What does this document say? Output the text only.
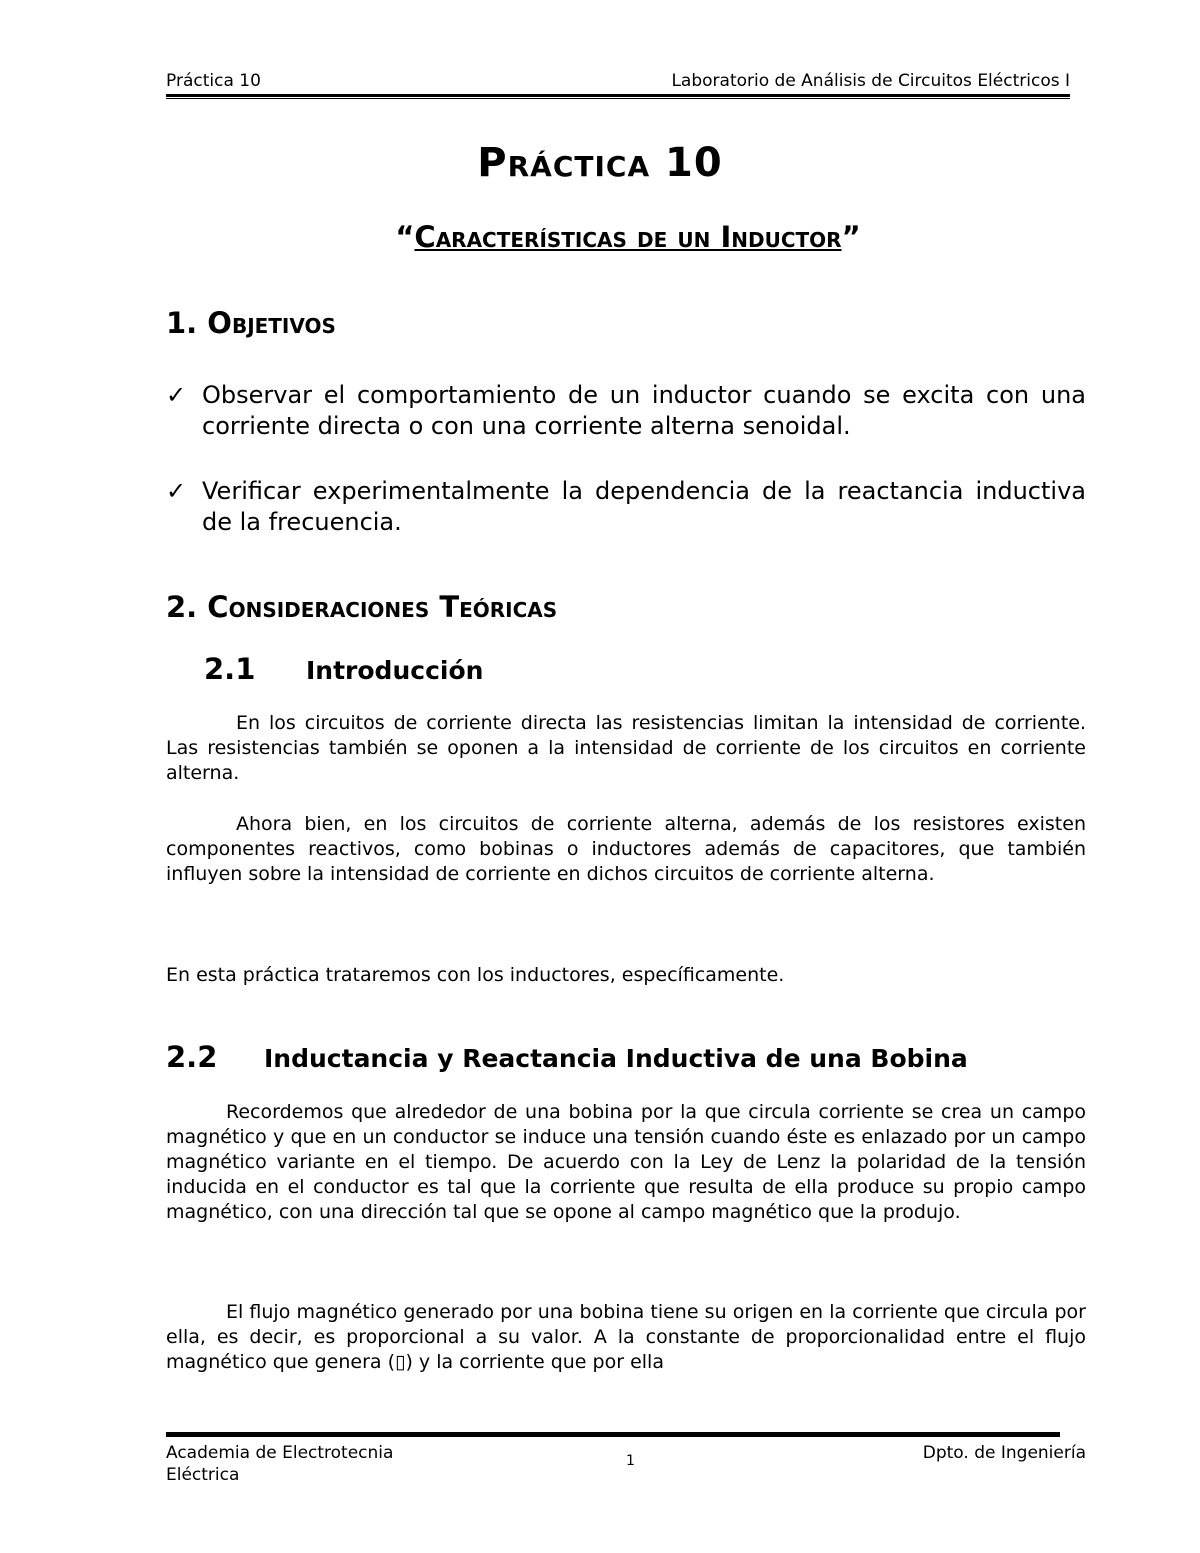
Práctica 10	Laboratorio de Análisis de Circuitos Eléctricos I
Práctica 10
“Características de un Inductor”
1. Objetivos
✓ Observar el comportamiento de un inductor cuando se excita con una corriente directa o con una corriente alterna senoidal.
✓ Verificar experimentalmente la dependencia de la reactancia inductiva de la frecuencia.
2. Consideraciones Teóricas
2.1 Introducción
En los circuitos de corriente directa las resistencias limitan la intensidad de corriente. Las resistencias también se oponen a la intensidad de corriente de los circuitos en corriente alterna.
Ahora bien, en los circuitos de corriente alterna, además de los resistores existen componentes reactivos, como bobinas o inductores además de capacitores, que también influyen sobre la intensidad de corriente en dichos circuitos de corriente alterna.
En esta práctica trataremos con los inductores, específicamente.
2.2 Inductancia y Reactancia Inductiva de una Bobina
Recordemos que alrededor de una bobina por la que circula corriente se crea un campo magnético y que en un conductor se induce una tensión cuando éste es enlazado por un campo magnético variante en el tiempo. De acuerdo con la Ley de Lenz la polaridad de la tensión inducida en el conductor es tal que la corriente que resulta de ella produce su propio campo magnético, con una dirección tal que se opone al campo magnético que la produjo.
El flujo magnético generado por una bobina tiene su origen en la corriente que circula por ella, es decir, es proporcional a su valor. A la constante de proporcionalidad entre el flujo magnético que genera (▯) y la corriente que por ella
Academia de Electrotecnia Eléctrica
1	Dpto. de Ingeniería
